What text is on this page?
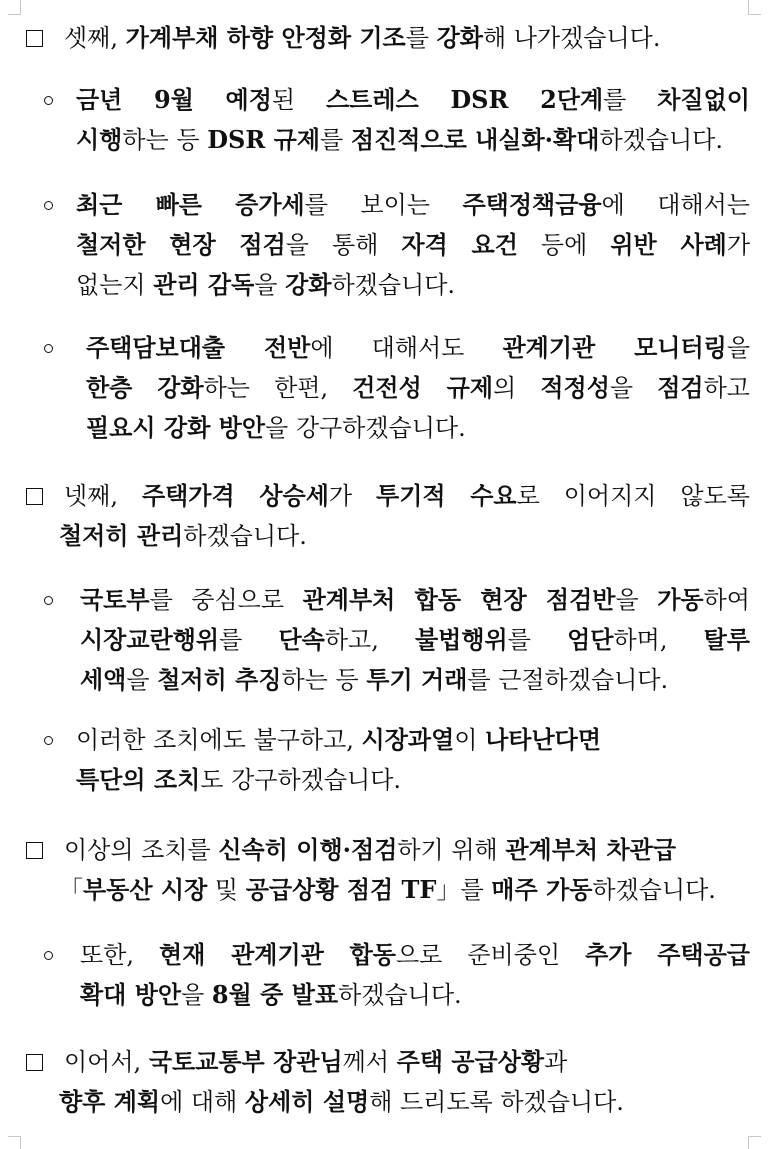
셋째, 가계부채 하향 안정화 기조를 강화해 나가겠습니다.
금년 9월 예정된 스트레스 DSR 2단계를 차질없이
시행하는 등 DSR 규제를 점진적으로 내실화·확대하겠습니다.
최근 빠른 증가세를 보이는 주택정책금융에 대해서는
철저한 현장 점검을 통해 자격 요건 등에 위반 사례가
없는지 관리 감독을 강화하겠습니다.
주택담보대출 전반에 대해서도 관계기관 모니터링을
한층 강화하는 한편, 건전성 규제의 적정성을 점검하고
필요시 강화 방안을 강구하겠습니다.
넷째, 주택가격 상승세가 투기적 수요로 이어지지 않도록
철저히 관리하겠습니다.
국토부를 중심으로 관계부처 합동 현장 점검반을 가동하여
시장교란행위를 단속하고, 불법행위를 엄단하며, 탈루
세액을 철저히 추징하는 등 투기 거래를 근절하겠습니다.
이러한 조치에도 불구하고, 시장과열이 나타난다면
특단의 조치도 강구하겠습니다.
이상의 조치를 신속히 이행·점검하기 위해 관계부처 차관급
「부동산 시장 및 공급상황 점검 TF」를 매주 가동하겠습니다.
또한, 현재 관계기관 합동으로 준비중인 추가 주택공급
확대 방안을 8월 중 발표하겠습니다.
이어서, 국토교통부 장관님께서 주택 공급상황과
향후 계획에 대해 상세히 설명해 드리도록 하겠습니다.
